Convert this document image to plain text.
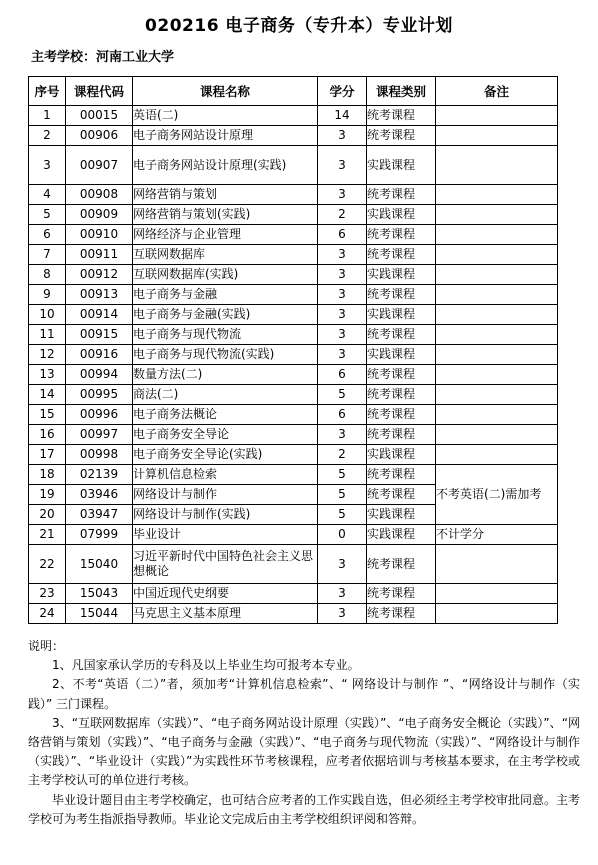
020216 电子商务（专升本）专业计划
主考学校：河南工业大学
序号	课程代码	课程名称	学分	课程类别	备注
1	00015	英语(二)	14	统考课程	
2	00906	电子商务网站设计原理	3	统考课程	
3	00907	电子商务网站设计原理(实践)	3	实践课程	
4	00908	网络营销与策划	3	统考课程	
5	00909	网络营销与策划(实践)	2	实践课程	
6	00910	网络经济与企业管理	6	统考课程	
7	00911	互联网数据库	3	统考课程	
8	00912	互联网数据库(实践)	3	实践课程	
9	00913	电子商务与金融	3	统考课程	
10	00914	电子商务与金融(实践)	3	实践课程	
11	00915	电子商务与现代物流	3	统考课程	
12	00916	电子商务与现代物流(实践)	3	实践课程	
13	00994	数量方法(二)	6	统考课程	
14	00995	商法(二)	5	统考课程	
15	00996	电子商务法概论	6	统考课程	
16	00997	电子商务安全导论	3	统考课程	
17	00998	电子商务安全导论(实践)	2	实践课程	
18	02139	计算机信息检索	5	统考课程	不考英语(二)需加考
19	03946	网络设计与制作	5	统考课程	
20	03947	网络设计与制作(实践)	5	实践课程	
21	07999	毕业设计	0	实践课程	不计学分
22	15040	习近平新时代中国特色社会主义思想概论	3	统考课程	
23	15043	中国近现代史纲要	3	统考课程	
24	15044	马克思主义基本原理	3	统考课程	

说明：

1、凡国家承认学历的专科及以上毕业生均可报考本专业。

2、不考“英语（二）”者，须加考“计算机信息检索”、“ 网络设计与制作 ”、“网络设计与制作（实践）” 三门课程。

3、“互联网数据库（实践）”、“电子商务网站设计原理（实践）”、“电子商务安全概论（实践）”、“网络营销与策划（实践）”、“电子商务与金融（实践）”、“电子商务与现代物流（实践）”、“网络设计与制作（实践）”、“毕业设计（实践）”为实践性环节考核课程，应考者依据培训与考核基本要求，在主考学校或主考学校认可的单位进行考核。

毕业设计题目由主考学校确定，也可结合应考者的工作实践自选，但必须经主考学校审批同意。主考学校可为考生指派指导教师。毕业论文完成后由主考学校组织评阅和答辩。
